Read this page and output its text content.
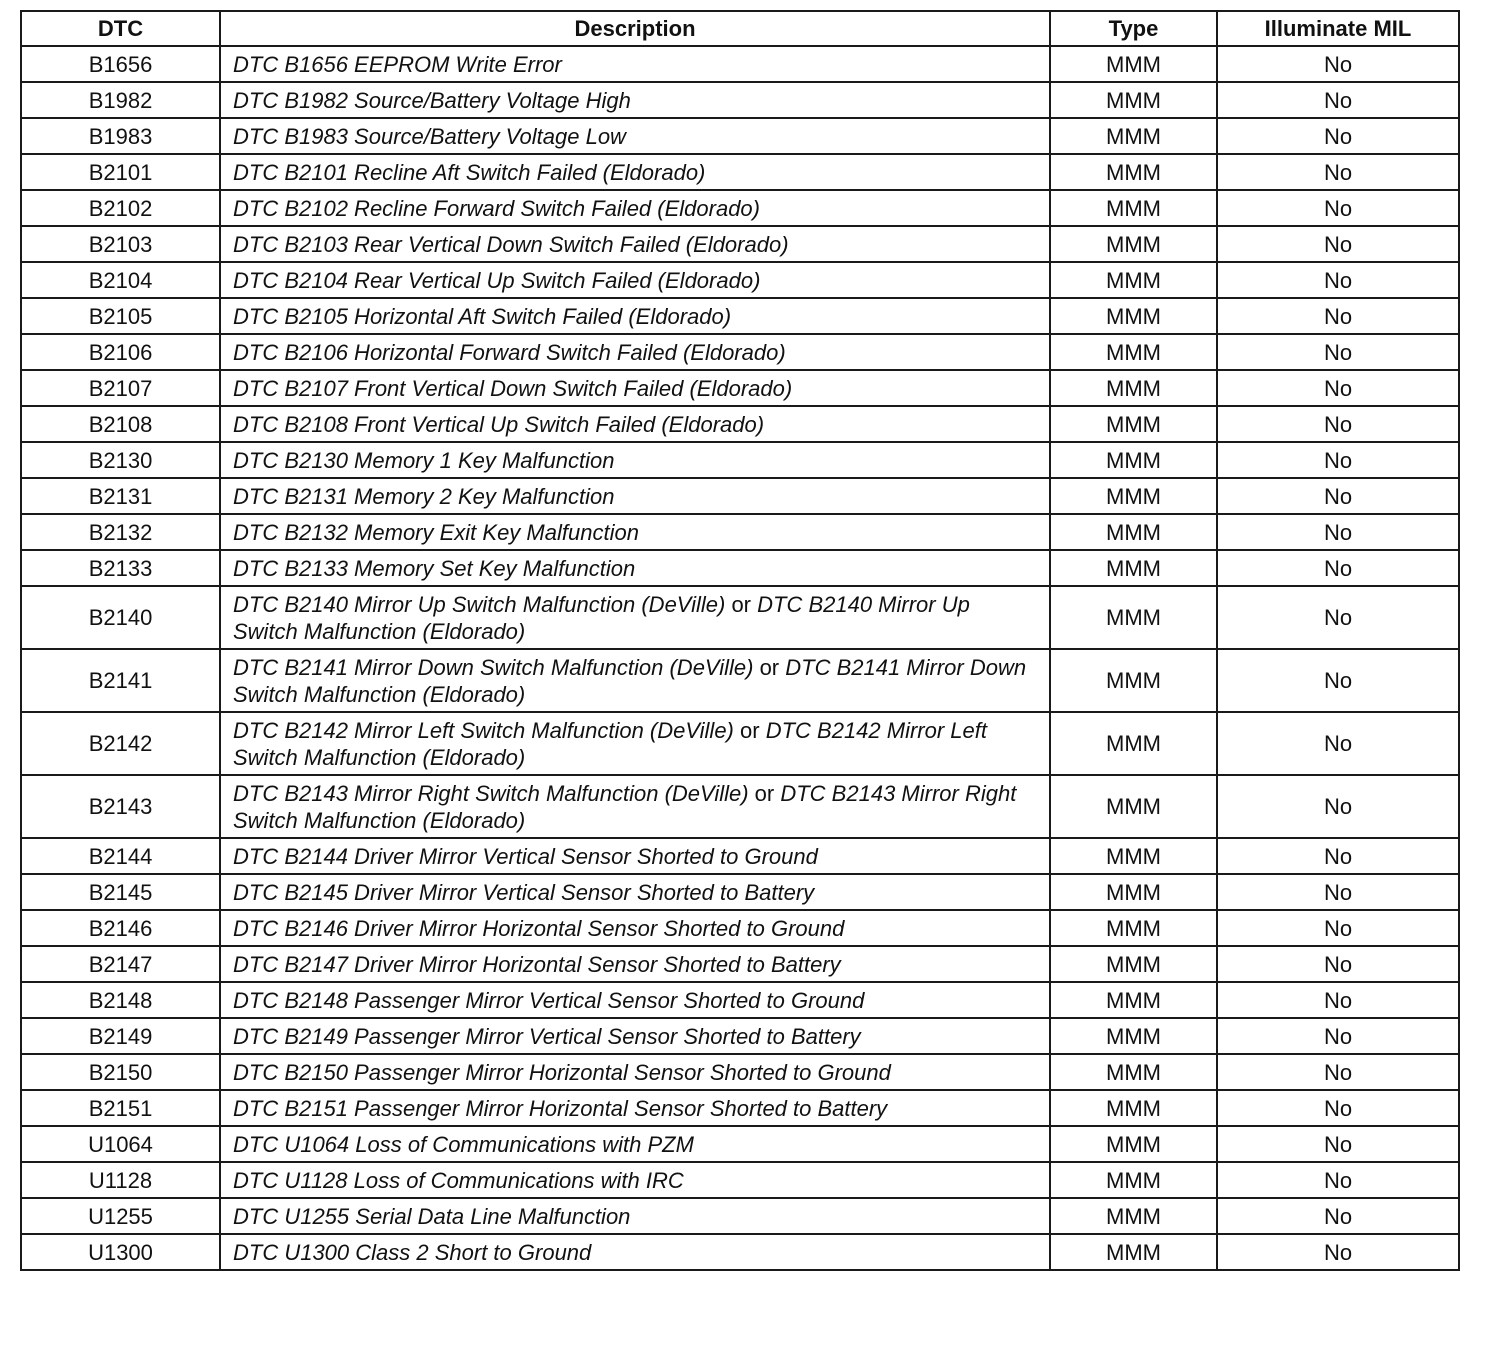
DTC	Description	Type	Illuminate MIL
B1656	DTC B1656 EEPROM Write Error	MMM	No
B1982	DTC B1982 Source/Battery Voltage High	MMM	No
B1983	DTC B1983 Source/Battery Voltage Low	MMM	No
B2101	DTC B2101 Recline Aft Switch Failed (Eldorado)	MMM	No
B2102	DTC B2102 Recline Forward Switch Failed (Eldorado)	MMM	No
B2103	DTC B2103 Rear Vertical Down Switch Failed (Eldorado)	MMM	No
B2104	DTC B2104 Rear Vertical Up Switch Failed (Eldorado)	MMM	No
B2105	DTC B2105 Horizontal Aft Switch Failed (Eldorado)	MMM	No
B2106	DTC B2106 Horizontal Forward Switch Failed (Eldorado)	MMM	No
B2107	DTC B2107 Front Vertical Down Switch Failed (Eldorado)	MMM	No
B2108	DTC B2108 Front Vertical Up Switch Failed (Eldorado)	MMM	No
B2130	DTC B2130 Memory 1 Key Malfunction	MMM	No
B2131	DTC B2131 Memory 2 Key Malfunction	MMM	No
B2132	DTC B2132 Memory Exit Key Malfunction	MMM	No
B2133	DTC B2133 Memory Set Key Malfunction	MMM	No
B2140	DTC B2140 Mirror Up Switch Malfunction (DeVille) or DTC B2140 Mirror Up Switch Malfunction (Eldorado)	MMM	No
B2141	DTC B2141 Mirror Down Switch Malfunction (DeVille) or DTC B2141 Mirror Down Switch Malfunction (Eldorado)	MMM	No
B2142	DTC B2142 Mirror Left Switch Malfunction (DeVille) or DTC B2142 Mirror Left Switch Malfunction (Eldorado)	MMM	No
B2143	DTC B2143 Mirror Right Switch Malfunction (DeVille) or DTC B2143 Mirror Right Switch Malfunction (Eldorado)	MMM	No
B2144	DTC B2144 Driver Mirror Vertical Sensor Shorted to Ground	MMM	No
B2145	DTC B2145 Driver Mirror Vertical Sensor Shorted to Battery	MMM	No
B2146	DTC B2146 Driver Mirror Horizontal Sensor Shorted to Ground	MMM	No
B2147	DTC B2147 Driver Mirror Horizontal Sensor Shorted to Battery	MMM	No
B2148	DTC B2148 Passenger Mirror Vertical Sensor Shorted to Ground	MMM	No
B2149	DTC B2149 Passenger Mirror Vertical Sensor Shorted to Battery	MMM	No
B2150	DTC B2150 Passenger Mirror Horizontal Sensor Shorted to Ground	MMM	No
B2151	DTC B2151 Passenger Mirror Horizontal Sensor Shorted to Battery	MMM	No
U1064	DTC U1064 Loss of Communications with PZM	MMM	No
U1128	DTC U1128 Loss of Communications with IRC	MMM	No
U1255	DTC U1255 Serial Data Line Malfunction	MMM	No
U1300	DTC U1300 Class 2 Short to Ground	MMM	No
